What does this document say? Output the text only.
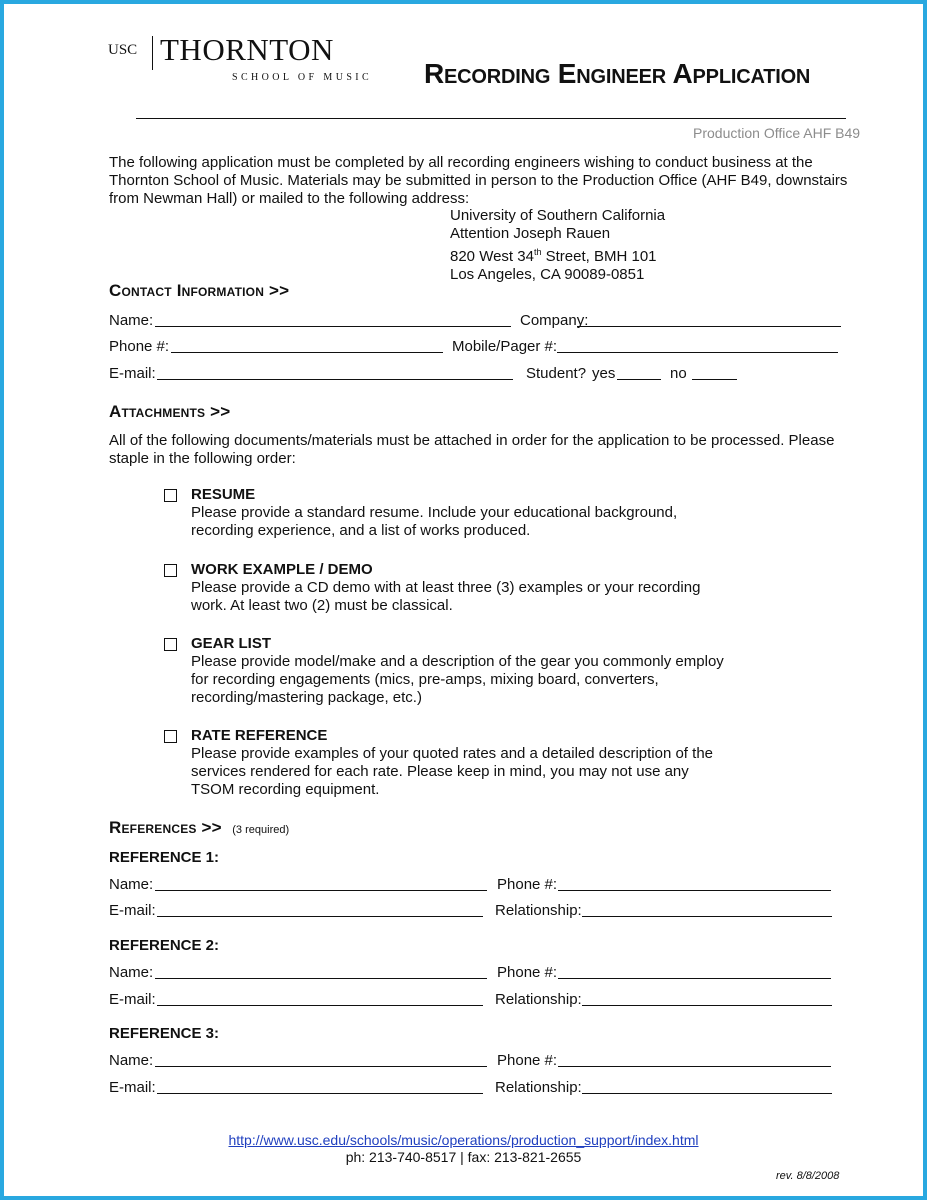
USC THORNTON
SCHOOL OF MUSIC Recording Engineer Application
Production Office AHF B49
The following application must be completed by all recording engineers wishing to conduct business at the
Thornton School of Music. Materials may be submitted in person to the Production Office (AHF B49, downstairs
from Newman Hall) or mailed to the following address:
University of Southern California
Attention Joseph Rauen
820 West 34th Street, BMH 101
Los Angeles, CA 90089-0851
Contact Information >>
Name:	Company:
Phone #:	Mobile/Pager #:
E-mail:	Student? yes	no
Attachments >>
All of the following documents/materials must be attached in order for the application to be processed. Please
staple in the following order:
RESUME
Please provide a standard resume. Include your educational background,
recording experience, and a list of works produced.
WORK EXAMPLE / DEMO
Please provide a CD demo with at least three (3) examples or your recording
work. At least two (2) must be classical.
GEAR LIST
Please provide model/make and a description of the gear you commonly employ
for recording engagements (mics, pre-amps, mixing board, converters,
recording/mastering package, etc.)
RATE REFERENCE
Please provide examples of your quoted rates and a detailed description of the
services rendered for each rate. Please keep in mind, you may not use any
TSOM recording equipment.
References >> (3 required)
REFERENCE 1:
Name:	Phone #:
E-mail:	Relationship:
REFERENCE 2:
Name:	Phone #:
E-mail:	Relationship:
REFERENCE 3:
Name:	Phone #:
E-mail:	Relationship:
http://www.usc.edu/schools/music/operations/production_support/index.html
ph: 213-740-8517 | fax: 213-821-2655
rev. 8/8/2008
